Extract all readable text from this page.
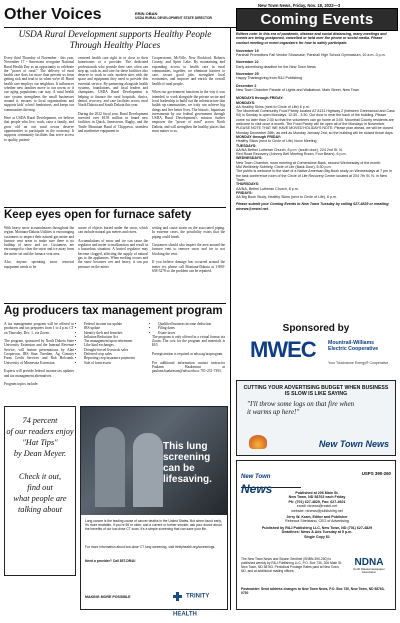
Other Voices
New Town News, Friday, Nov. 18, 2022—3
ERIN OBAN
USDA RURAL DEVELOPMENT STATE DIRECTOR
USDA Rural Development supports Healthy People Through Healthy Places
Every third Thursday of November - this year, November 17 - Americans recognize National Rural Health Day as an opportunity to celebrate the "power of rural." The delivery of rural health care does far more than prevent us from getting sick and tend to us when we're ill. Rural health care employs our neighbors. It influences whether new families move to our towns or if our aging populations can stay. A rural health care system strengthens the small businesses around it, ensures to local organizations and supports kids' school fundraisers, and keeps our communities thriving.

Here at USDA Rural Development, we believe that people who live, work, raise a family, and grow old on our rural towns deserve opportunities to participate in the economy. It supports community facilities that serve access to quality, patient-
centered health care right in or close to their hometowns or a provider. The dedicated professionals who provide their care, often can step up, cook in, and care for these facilities also deserve to work in safe, modern sites with the space and equipment they need to provide this essential service. By partnering alongside health systems, foundations, and local leaders and champions, USDA Rural Development is helping to finance the rural hospitals, clinics, dental, recovery, and care facilities across rural North Dakota and South Dakota this year.

During the 2022 fiscal year, Rural Development invested over $158 million in brand new facilities in Quick, Jamestown, Rugby, and the Turtle Mountain Band of Chippewa, seamless and modernize equipment in
Cooperstown, McVille, New Rockford, Roberts County, and Spirit Lake. By maintaining and expanding access to health care in rural communities, together, we eliminate barriers to care, secure good jobs, strengthen local economies, and improve and enrich the overall health of rural people.

When our government functions in the way it was intended, to work alongside the private sector and local leadership to build out the infrastructure that builds up communities, we truly can achieve big things and live better lives. The historic, bipartisan investments by our federal government through USDA Rural Development's mission further empower the "power of rural" across North Dakota, and will strengthen the healthy places that most matter to us.
Keep eyes open for furnace safety
With heavy snow accumulations throughout the region, Montana-Dakota Utilities is encouraging customers to inspect their natural gas meter and furnace vent areas to make sure there is no buildup of snow and ice. Customers are encouraged to clear the snow and ice away from the meter set and the furnace vent area.

Also, anyone operating snow removal equipment needs to be
aware of objects buried under the snow, which can include natural gas meters and risers.

Accumulations of snow and ice can cause the regulator and meter to malfunction and result in a hazardous situation. A buried regulator may become clogged, affecting the supply of natural gas to the appliances. When melting occurs and the snow becomes wet and heavy, it can put pressure on the meter
setting and cause strain on the associated piping. In extreme cases, the possibility exists that the piping could break.

Customers should also inspect the area around the furnace vent to remove snow and ice to not blocking the vent.

If you believe damage has occurred around the meter set, please call Montana-Dakota at 1-800-638-3278 so the problem can be repaired.
Ag producers tax management program
A tax management program will be offered to producers and tax preparers from 1 to 4 p.m. CT on Thursday, Dec. 1, via Zoom.

The program, sponsored by North Dakota State University Extension and the Internal Revenue Service, will feature presentations by Alan Cooperson, IRS Stan Twedten, Ag Country Farm Credit Services and Rob Holcomb, University of Minnesota Extension.

Experts will provide federal income tax updates and tax management alternatives.

Program topics include:
• Federal income tax update
• IRS update
• Identify theft and breaches
• Inflation Reduction Act
• Tax management upon retirement
• Like kind exchanges
• Drought-forced livestock sales
• Deferred crop sales
• Reporting crop insurance payments
• Sale of farm assets
• Qualified business income deduction
• Filing dates
• Estate taxes
The program is only offered in a virtual format via Zoom. The cost for the program and materials is $10.

Preregistration is required at ndsu.ag/taxprogram.

For additional information contact instructor Paulann Haakenson at paulann.haakenson@ndsu.edu or 701-231-7393.
74 percent
of our readers enjoy
"Hat Tips"
by Dean Meyer.
Check it out,
find out
what people are
talking about
This lung screening can be lifesaving.
Lung cancer is the leading cause of cancer deaths in the United States. But when found early, it's more treatable. If you're 55 or older, and a current or former smoker, ask your doctor about the benefits of our low-dose CT scan. It's a simple screening that can save your life.
For more information about low-dose CT lung screening, visit trinityhealth.org/screenings.
Need a provider? Call 857-DR4U
MAKING MORE POSSIBLE	TRINITY HEALTH
Coming Events
Editors note: In this era of pandemic, disease and social distancing, many meetings and events are being postponed, cancelled or held over the phone or social media. Please contact meeting or event organizers for how to safely participate.
November 19
Parshall Promotions Fall Vendor Showcase, Parshall High School Gymnasium, 10 a.m.-3 p.m.
November 22
Early advertising deadline for the New Town News
November 25
Happy Thanksgiving from R&J Publishing
December 2
New Town Chamber Parade of Lights and Walkabout, Main Street, New Town
MONDAYS through FRIDAY:
MONDAYS:
AA Healthy Skins (next to Circle of Life) 6 p.m.
The Moorehall Community Food Pantry located AT 8131 Highway 2 (between Greenwood and Cass 94) is Sunday is open Mondays, 12:30 - 3:30. Our door is near the back of the building. Please come no later than 2:30 so that the volunteers can go home at 3:00. Mountrail County residents are welcome to visit once a month. The Food Pantry will be open all of the Mondays in November. PLEASE NOTE THAT WE HAVE MOVED HOLIDAYS NOTE: Please plan ahead, we will be closed Monday December 26th, as well as Monday January 2nd, so the building will be closed those days.
MONDAY through FRIDAY:
Healthy Skins (next to Circle of Life) Noon Meeting
TUESDAYS:
AA/NA Bethel Lutheran Church, 8 p.m. (south door), 224 2nd St. N.
Red Road Recovery (Johnny Bell Meeting Room, Four Bears), 6 p.m.
WEDNESDAYS:
New Town Chamber, noon meeting at Cornerstone Bank, second Wednesday of the month.
Mid Wellbriety Sobriety, Circle of Life (Back Door), 5:30 p.m.
The public is welcome to the start of a Native American Big Book study on Wednesdays at 7 pm in the task conference room of the Circle of Life Recovery Center located at 204 7th St. N. in New Town.
THURSDAYS:
AA/NA, Bethel Lutheran Church, 8 p.m.
FRIDAYS:
AA Big Book Study, Healthy Skins (next to Circle of Life), 6 p.m.
Please submit your Coming Events to New Town Tuesday by calling 627-4829 or emailing ntnews@restel.net.
Sponsored by
MWEC Mountrail-Williams Electric Cooperative
Your Touchstone Energy® Cooperative
CUTTING YOUR ADVERTISING BUDGET WHEN BUSINESS IS SLOW IS LIKE SAYING
"I'll throw some logs on that fire when it warms up here!"
New Town News
New Town
News
USPS 390-260
Published at 206 Main St.
New Town, ND 58763 each Friday
Ph: (701) 627-4829, Fax: 627-4601
email: ntnews@restel.net
website: ntnews@publishing.net
Jerry W. Kram, Editor and Publisher
Rebecca Strelstand, CEO of Advertising
Published by R&J Publishing LLC, New Town, ND (701) 627-4829
Deadlines: News & Ads Tuesday at 5 p.m.
Single Copy $1
The New Town News and Swann Sentinel (SNBN-390-260) is published weekly by R&J Publishing LLC, P.O. Box 730, 206 Main St. New Town, ND 58763. Periodical Postage Rates paid at New Town, ND, and at additional mailing offices.
NDNA
North Dakota Newspaper Association
Postmaster: Send address changes to New Town News, P.O. Box 730, New Town, ND 58763-0730
